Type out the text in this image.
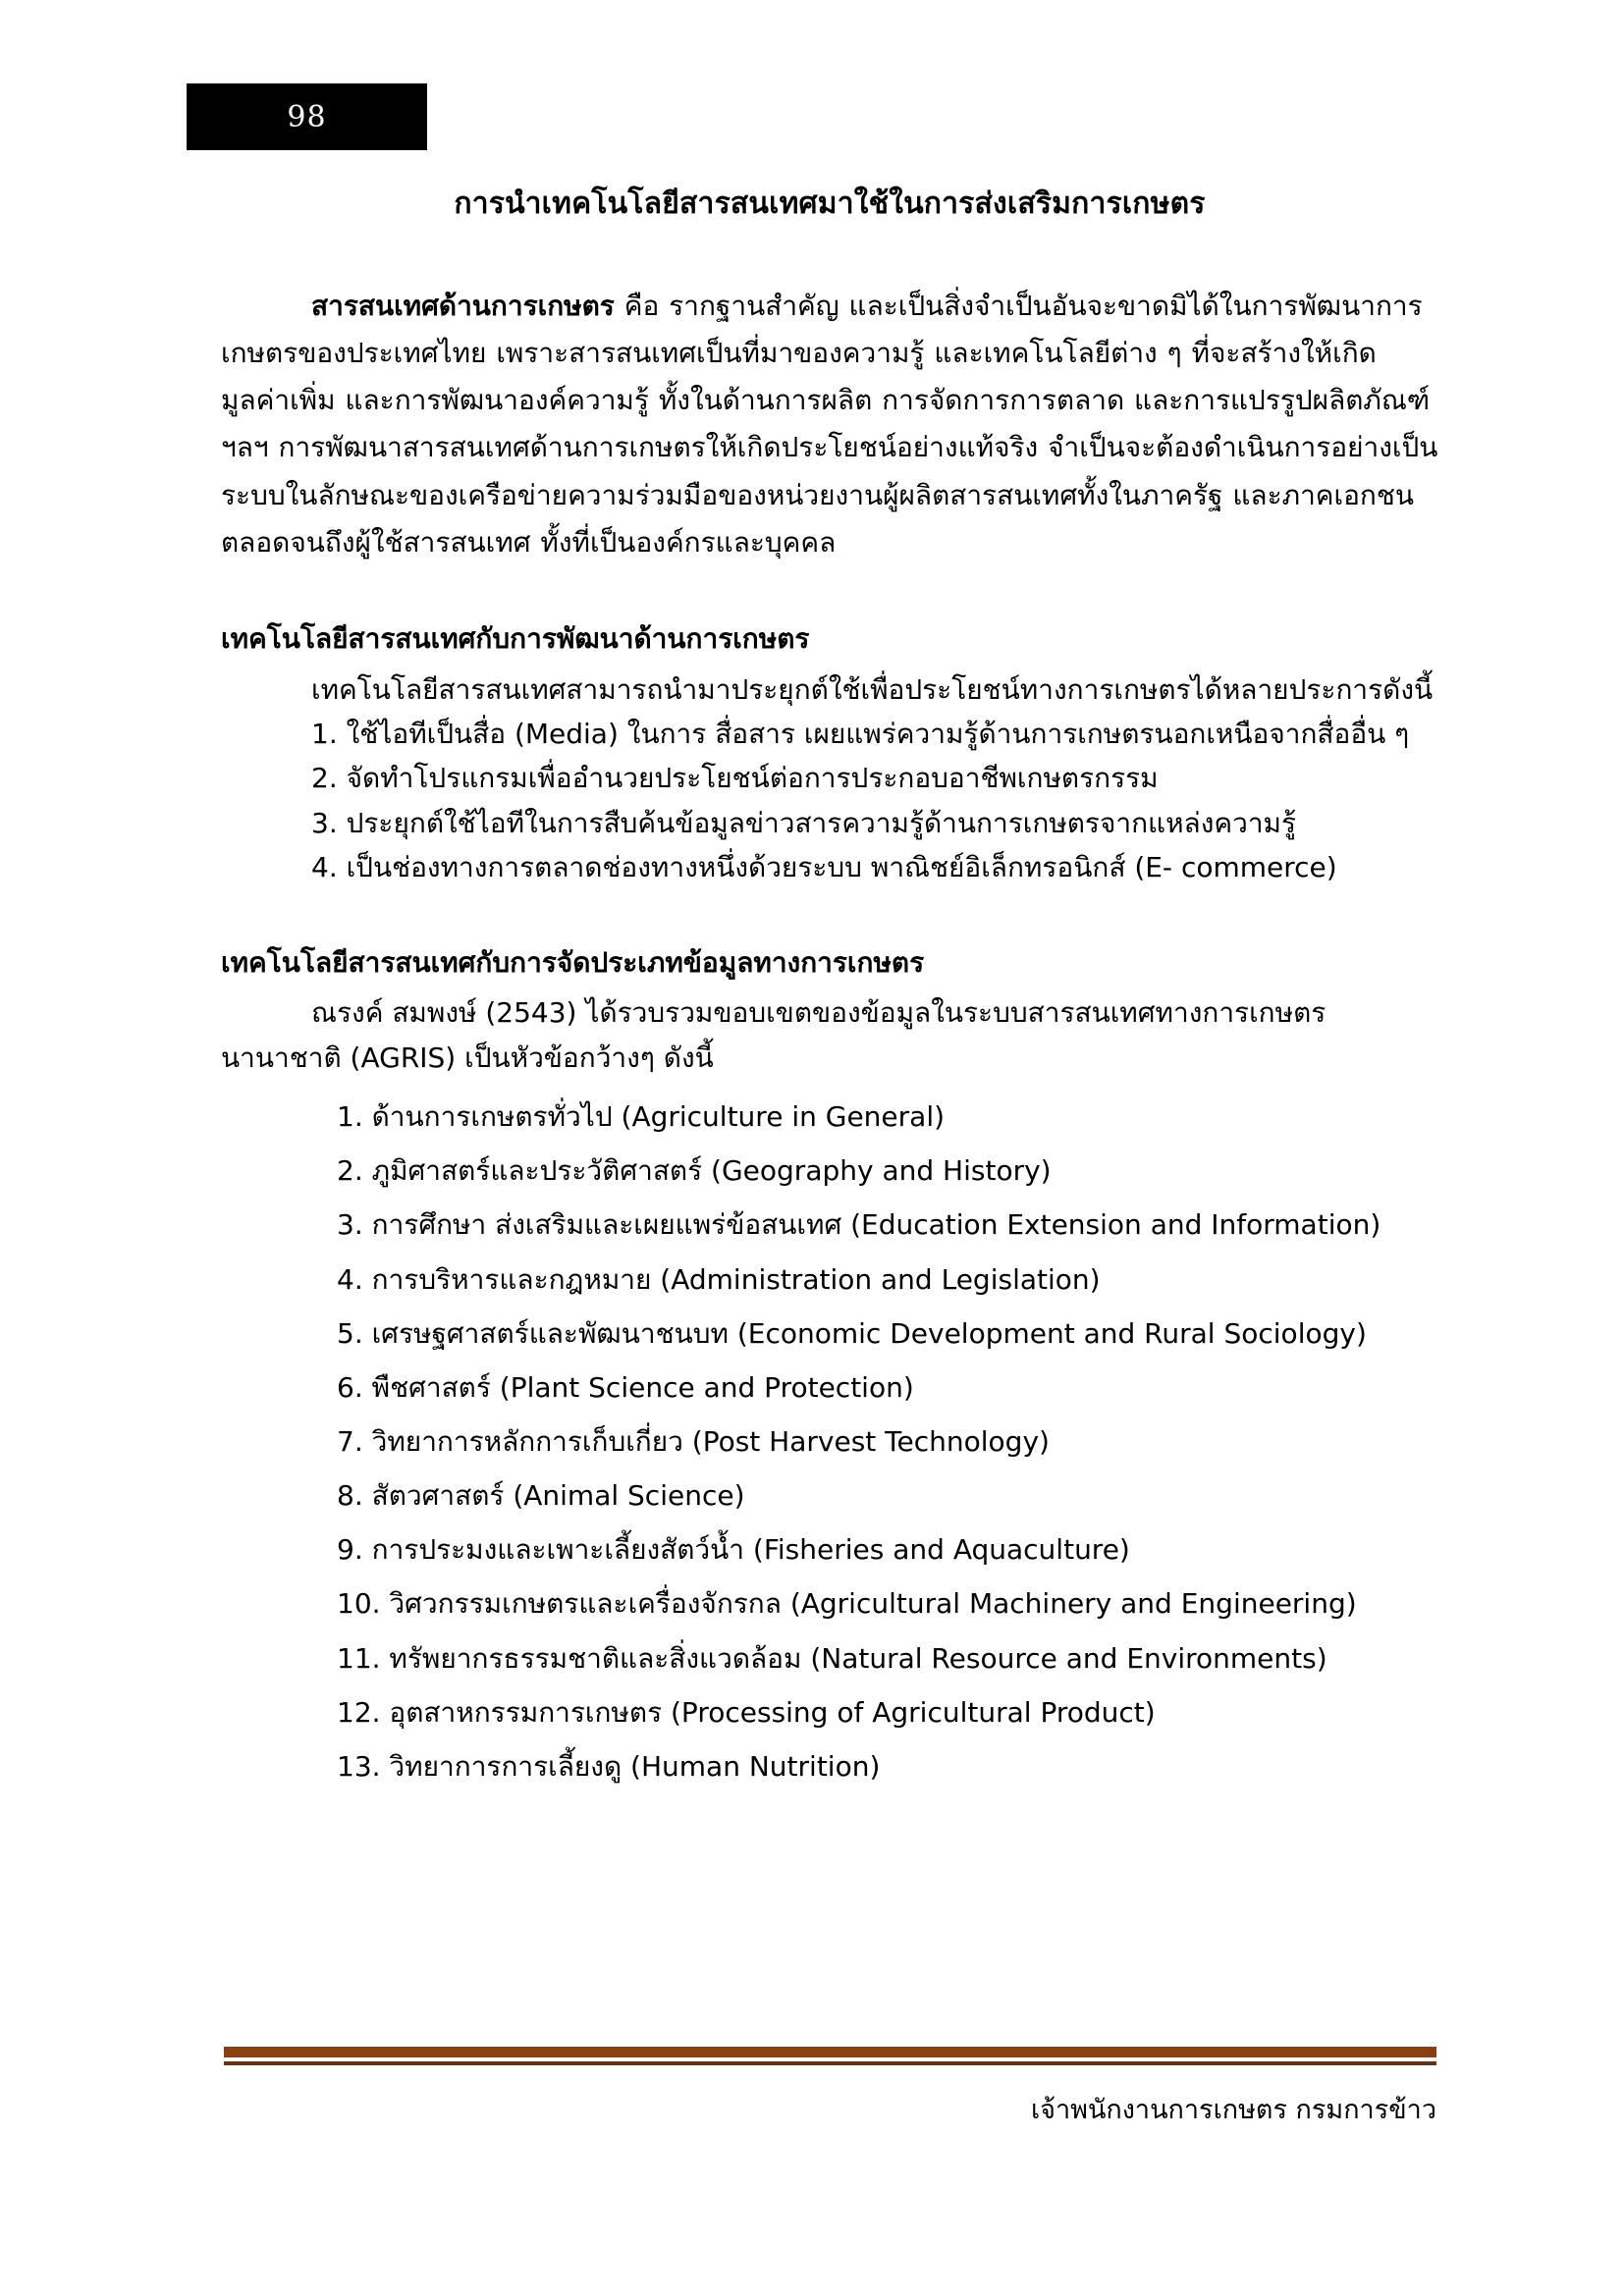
98
การนำเทคโนโลยีสารสนเทศมาใช้ในการส่งเสริมการเกษตร

สารสนเทศด้านการเกษตร คือ รากฐานสำคัญ และเป็นสิ่งจำเป็นอันจะขาดมิได้ในการพัฒนาการเกษตรของประเทศไทย เพราะสารสนเทศเป็นที่มาของความรู้ และเทคโนโลยีต่าง ๆ ที่จะสร้างให้เกิดมูลค่าเพิ่ม และการพัฒนาองค์ความรู้ ทั้งในด้านการผลิต การจัดการการตลาด และการแปรรูปผลิตภัณฑ์ ฯลฯ การพัฒนาสารสนเทศด้านการเกษตรให้เกิดประโยชน์อย่างแท้จริง จำเป็นจะต้องดำเนินการอย่างเป็นระบบในลักษณะของเครือข่ายความร่วมมือของหน่วยงานผู้ผลิตสารสนเทศทั้งในภาครัฐ และภาคเอกชนตลอดจนถึงผู้ใช้สารสนเทศ ทั้งที่เป็นองค์กรและบุคคล

เทคโนโลยีสารสนเทศกับการพัฒนาด้านการเกษตร

เทคโนโลยีสารสนเทศสามารถนำมาประยุกต์ใช้เพื่อประโยชน์ทางการเกษตรได้หลายประการดังนี้

1. ใช้ไอทีเป็นสื่อ (Media) ในการ สื่อสาร เผยแพร่ความรู้ด้านการเกษตรนอกเหนือจากสื่ออื่น ๆ
2. จัดทำโปรแกรมเพื่ออำนวยประโยชน์ต่อการประกอบอาชีพเกษตรกรรม
3. ประยุกต์ใช้ไอทีในการสืบค้นข้อมูลข่าวสารความรู้ด้านการเกษตรจากแหล่งความรู้
4. เป็นช่องทางการตลาดช่องทางหนึ่งด้วยระบบ พาณิชย์อิเล็กทรอนิกส์ (E- commerce)
เทคโนโลยีสารสนเทศกับการจัดประเภทข้อมูลทางการเกษตร

ณรงค์ สมพงษ์ (2543) ได้รวบรวมขอบเขตของข้อมูลในระบบสารสนเทศทางการเกษตร

นานาชาติ (AGRIS) เป็นหัวข้อกว้างๆ ดังนี้

1. ด้านการเกษตรทั่วไป (Agriculture in General)
2. ภูมิศาสตร์และประวัติศาสตร์ (Geography and History)
3. การศึกษา ส่งเสริมและเผยแพร่ข้อสนเทศ (Education Extension and Information)
4. การบริหารและกฎหมาย (Administration and Legislation)
5. เศรษฐศาสตร์และพัฒนาชนบท (Economic Development and Rural Sociology)
6. พืชศาสตร์ (Plant Science and Protection)
7. วิทยาการหลักการเก็บเกี่ยว (Post Harvest Technology)
8. สัตวศาสตร์ (Animal Science)
9. การประมงและเพาะเลี้ยงสัตว์น้ำ (Fisheries and Aquaculture)
10. วิศวกรรมเกษตรและเครื่องจักรกล (Agricultural Machinery and Engineering)
11. ทรัพยากรธรรมชาติและสิ่งแวดล้อม (Natural Resource and Environments)
12. อุตสาหกรรมการเกษตร (Processing of Agricultural Product)
13. วิทยาการการเลี้ยงดู (Human Nutrition)
เจ้าพนักงานการเกษตร กรมการข้าว
